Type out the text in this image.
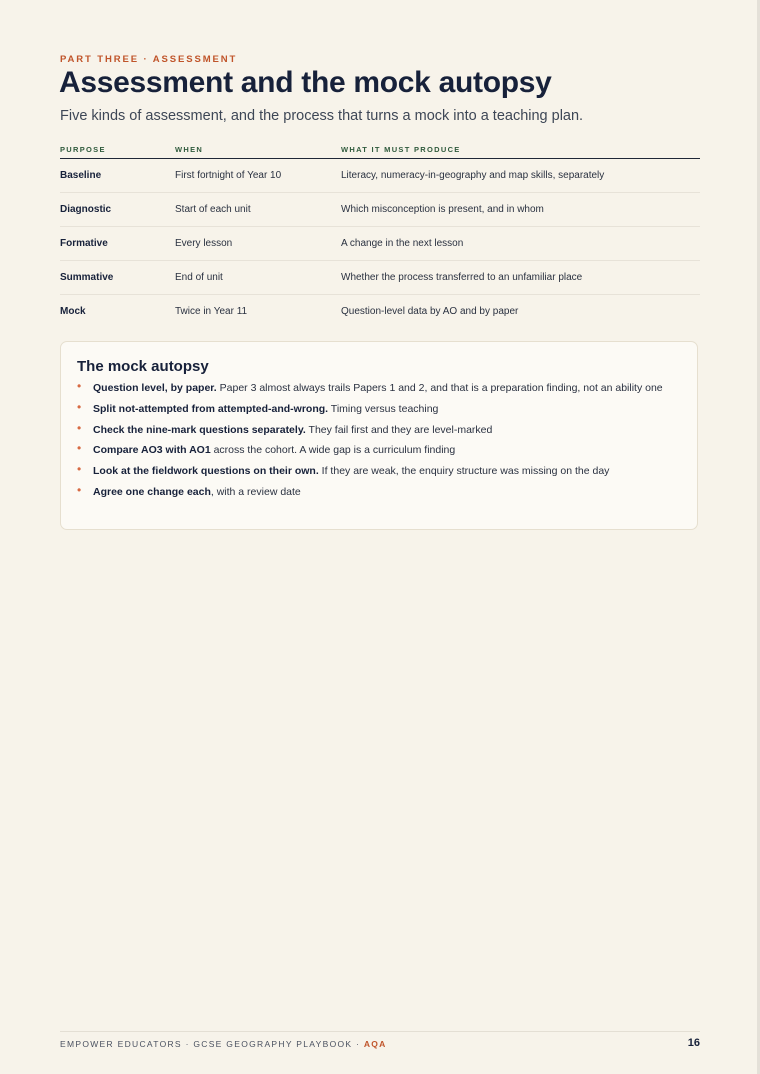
PART THREE · ASSESSMENT
Assessment and the mock autopsy

Five kinds of assessment, and the process that turns a mock into a teaching plan.

PURPOSE	WHEN	WHAT IT MUST PRODUCE
Baseline	First fortnight of Year 10	Literacy, numeracy-in-geography and map skills, separately
Diagnostic	Start of each unit	Which misconception is present, and in whom
Formative	Every lesson	A change in the next lesson
Summative	End of unit	Whether the process transferred to an unfamiliar place
Mock	Twice in Year 11	Question-level data by AO and by paper
The mock autopsy
• Question level, by paper. Paper 3 almost always trails Papers 1 and 2, and that is a preparation finding, not an ability one
• Split not-attempted from attempted-and-wrong. Timing versus teaching
• Check the nine-mark questions separately. They fail first and they are level-marked
• Compare AO3 with AO1 across the cohort. A wide gap is a curriculum finding
• Look at the fieldwork questions on their own. If they are weak, the enquiry structure was missing on the day
• Agree one change each, with a review date
EMPOWER EDUCATORS · GCSE GEOGRAPHY PLAYBOOK · AQA	16
